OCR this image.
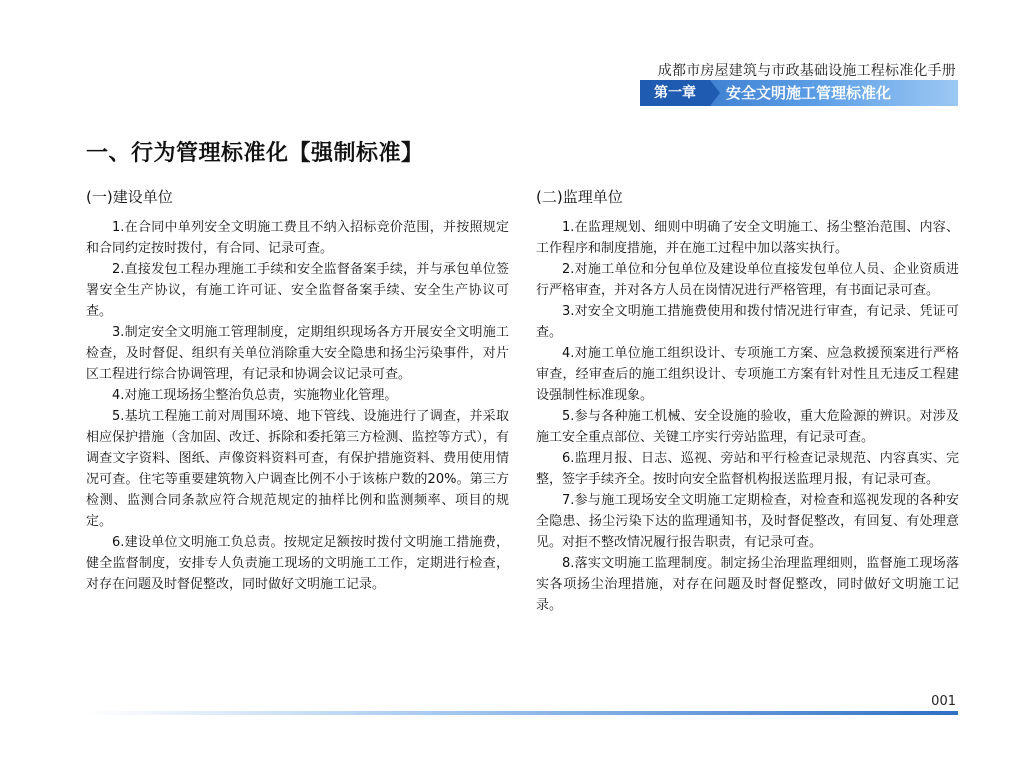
成都市房屋建筑与市政基础设施工程标准化手册
第一章	安全文明施工管理标准化
一、行为管理标准化【强制标准】
(一)建设单位

1.在合同中单列安全文明施工费且不纳入招标竞价范围，并按照规定和合同约定按时拨付，有合同、记录可查。

2.直接发包工程办理施工手续和安全监督备案手续，并与承包单位签署安全生产协议，有施工许可证、安全监督备案手续、安全生产协议可查。

3.制定安全文明施工管理制度，定期组织现场各方开展安全文明施工检查，及时督促、组织有关单位消除重大安全隐患和扬尘污染事件，对片区工程进行综合协调管理，有记录和协调会议记录可查。

4.对施工现场扬尘整治负总责，实施物业化管理。

5.基坑工程施工前对周围环境、地下管线、设施进行了调查，并采取相应保护措施（含加固、改迁、拆除和委托第三方检测、监控等方式），有调查文字资料、图纸、声像资料资料可查，有保护措施资料、费用使用情况可查。住宅等重要建筑物入户调查比例不小于该栋户数的20%。第三方检测、监测合同条款应符合规范规定的抽样比例和监测频率、项目的规定。

6.建设单位文明施工负总责。按规定足额按时拨付文明施工措施费，健全监督制度，安排专人负责施工现场的文明施工工作，定期进行检查，对存在问题及时督促整改，同时做好文明施工记录。

(二)监理单位

1.在监理规划、细则中明确了安全文明施工、扬尘整治范围、内容、工作程序和制度措施，并在施工过程中加以落实执行。

2.对施工单位和分包单位及建设单位直接发包单位人员、企业资质进行严格审查，并对各方人员在岗情况进行严格管理，有书面记录可查。

3.对安全文明施工措施费使用和拨付情况进行审查，有记录、凭证可查。

4.对施工单位施工组织设计、专项施工方案、应急救援预案进行严格审查，经审查后的施工组织设计、专项施工方案有针对性且无违反工程建设强制性标准现象。

5.参与各种施工机械、安全设施的验收，重大危险源的辨识。对涉及施工安全重点部位、关键工序实行旁站监理，有记录可查。

6.监理月报、日志、巡视、旁站和平行检查记录规范、内容真实、完整，签字手续齐全。按时向安全监督机构报送监理月报，有记录可查。

7.参与施工现场安全文明施工定期检查，对检查和巡视发现的各种安全隐患、扬尘污染下达的监理通知书，及时督促整改，有回复、有处理意见。对拒不整改情况履行报告职责，有记录可查。

8.落实文明施工监理制度。制定扬尘治理监理细则，监督施工现场落实各项扬尘治理措施，对存在问题及时督促整改，同时做好文明施工记录。

001
